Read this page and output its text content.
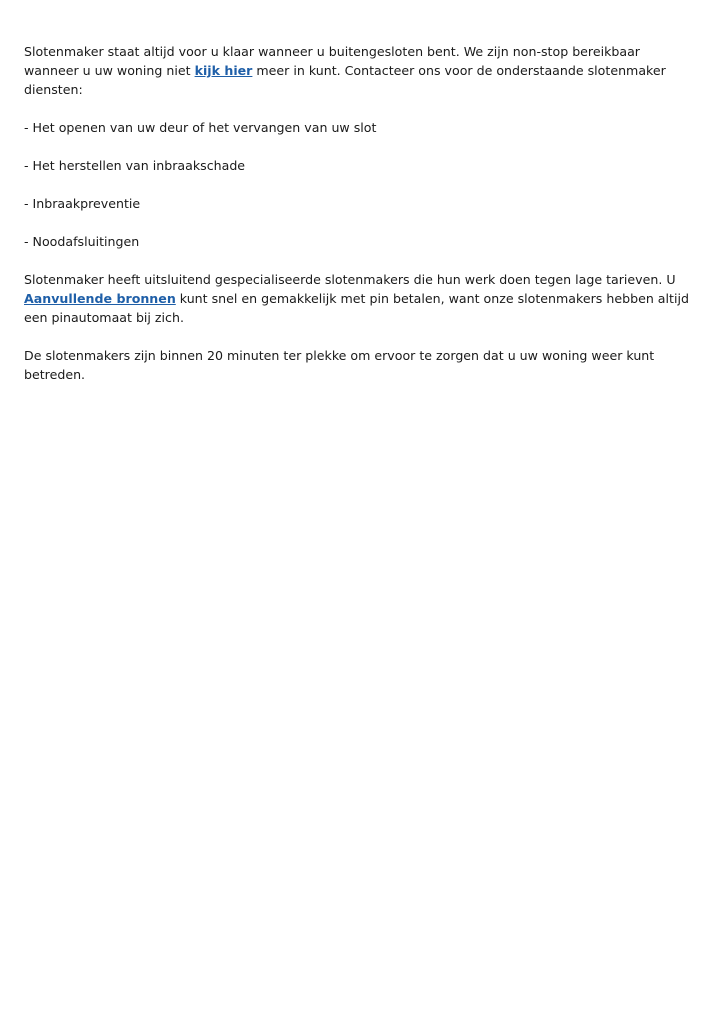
Slotenmaker staat altijd voor u klaar wanneer u buitengesloten bent. We zijn non-stop bereikbaar wanneer u uw woning niet kijk hier meer in kunt. Contacteer ons voor de onderstaande slotenmaker diensten:

- Het openen van uw deur of het vervangen van uw slot

- Het herstellen van inbraakschade

- Inbraakpreventie

- Noodafsluitingen

Slotenmaker heeft uitsluitend gespecialiseerde slotenmakers die hun werk doen tegen lage tarieven. U Aanvullende bronnen kunt snel en gemakkelijk met pin betalen, want onze slotenmakers hebben altijd een pinautomaat bij zich.

De slotenmakers zijn binnen 20 minuten ter plekke om ervoor te zorgen dat u uw woning weer kunt betreden.
